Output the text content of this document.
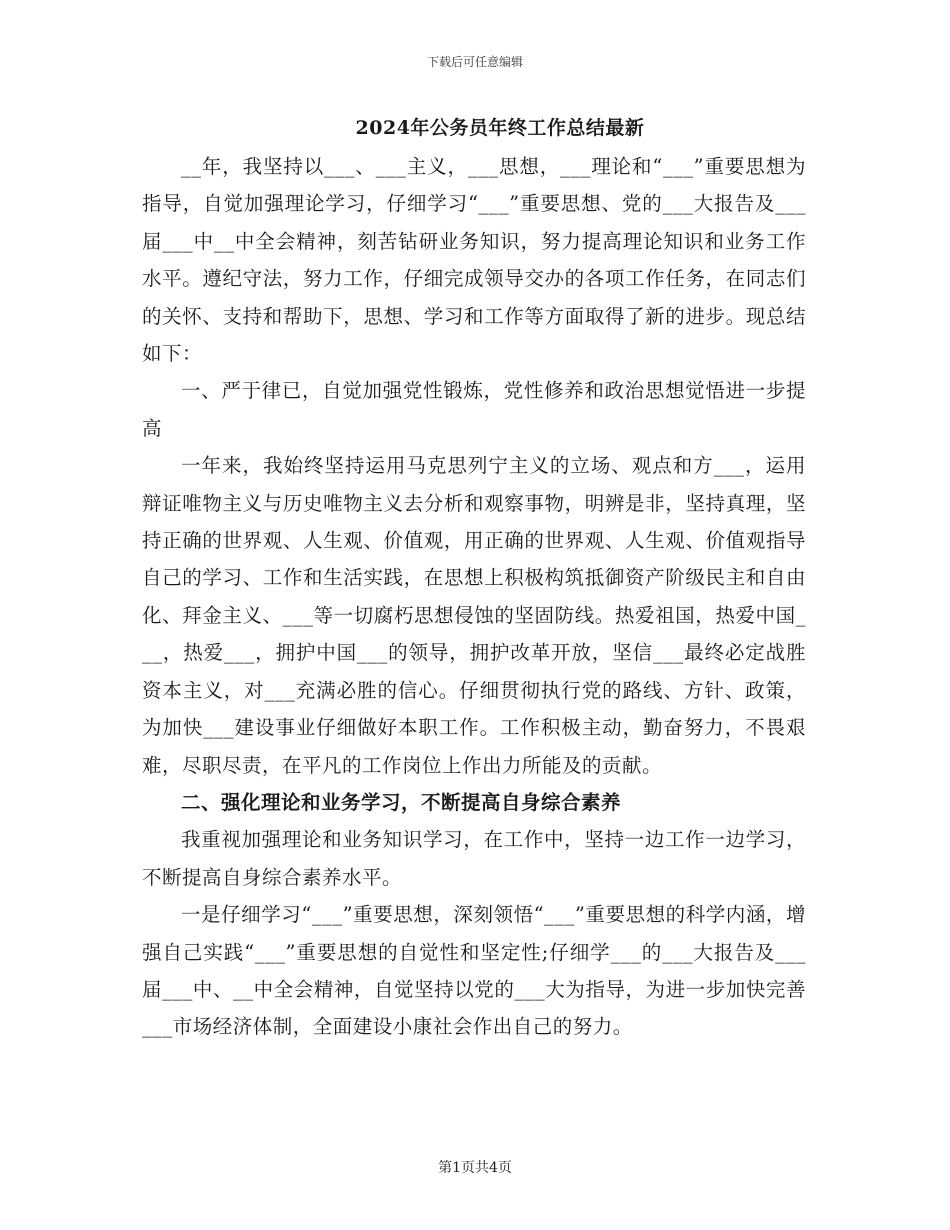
下载后可任意编辑
2024年公务员年终工作总结最新

__年，我坚持以___、___主义，___思想，___理论和“___”重要思想为指导，自觉加强理论学习，仔细学习“___”重要思想、党的___大报告及___届___中__中全会精神，刻苦钻研业务知识，努力提高理论知识和业务工作水平。遵纪守法，努力工作，仔细完成领导交办的各项工作任务，在同志们的关怀、支持和帮助下，思想、学习和工作等方面取得了新的进步。现总结如下：

一、严于律已，自觉加强党性锻炼，党性修养和政治思想觉悟进一步提高

一年来，我始终坚持运用马克思列宁主义的立场、观点和方___，运用辩证唯物主义与历史唯物主义去分析和观察事物，明辨是非，坚持真理，坚持正确的世界观、人生观、价值观，用正确的世界观、人生观、价值观指导自己的学习、工作和生活实践，在思想上积极构筑抵御资产阶级民主和自由化、拜金主义、___等一切腐朽思想侵蚀的坚固防线。热爱祖国，热爱中国___，热爱___，拥护中国___的领导，拥护改革开放，坚信___最终必定战胜资本主义，对___充满必胜的信心。仔细贯彻执行党的路线、方针、政策，为加快___建设事业仔细做好本职工作。工作积极主动，勤奋努力，不畏艰难，尽职尽责，在平凡的工作岗位上作出力所能及的贡献。

二、强化理论和业务学习，不断提高自身综合素养

我重视加强理论和业务知识学习，在工作中，坚持一边工作一边学习，不断提高自身综合素养水平。

一是仔细学习“___”重要思想，深刻领悟“___”重要思想的科学内涵，增强自己实践“___”重要思想的自觉性和坚定性;仔细学___的___大报告及___届___中、__中全会精神，自觉坚持以党的___大为指导，为进一步加快完善___市场经济体制，全面建设小康社会作出自己的努力。

第1页共4页
